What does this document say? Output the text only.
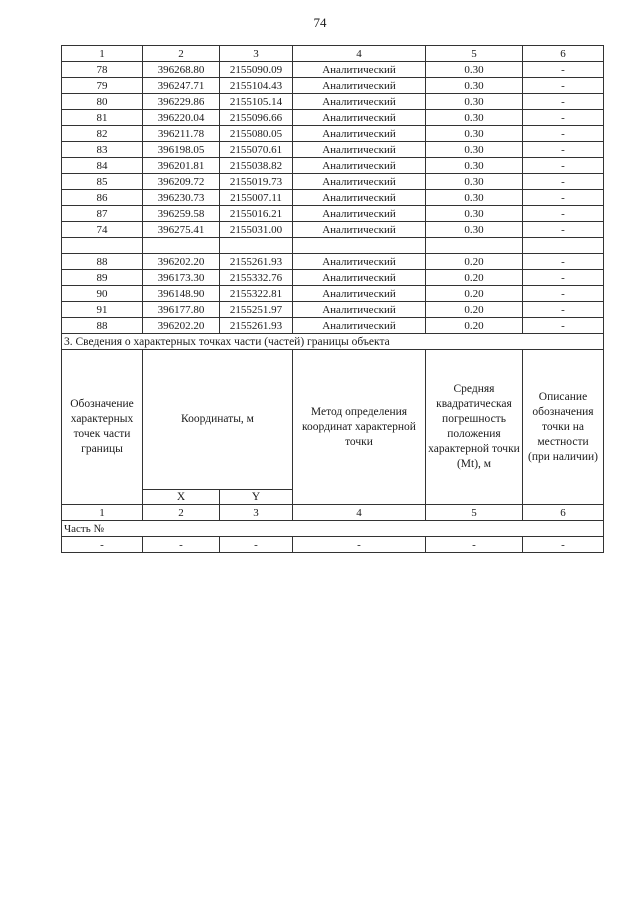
74
1	2	3	4	5	6
78	396268.80	2155090.09	Аналитический	0.30	-
79	396247.71	2155104.43	Аналитический	0.30	-
80	396229.86	2155105.14	Аналитический	0.30	-
81	396220.04	2155096.66	Аналитический	0.30	-
82	396211.78	2155080.05	Аналитический	0.30	-
83	396198.05	2155070.61	Аналитический	0.30	-
84	396201.81	2155038.82	Аналитический	0.30	-
85	396209.72	2155019.73	Аналитический	0.30	-
86	396230.73	2155007.11	Аналитический	0.30	-
87	396259.58	2155016.21	Аналитический	0.30	-
74	396275.41	2155031.00	Аналитический	0.30	-

88	396202.20	2155261.93	Аналитический	0.20	-
89	396173.30	2155332.76	Аналитический	0.20	-
90	396148.90	2155322.81	Аналитический	0.20	-
91	396177.80	2155251.97	Аналитический	0.20	-
88	396202.20	2155261.93	Аналитический	0.20	-
3. Сведения о характерных точках части (частей) границы объекта					
Обозначение характерных точек части границы	Координаты, м		Метод определения координат характерной точки	Средняя квадратическая погрешность положения характерной точки (Mt), м	Описание обозначения точки на местности (при наличии)
	X	Y			
1	2	3	4	5	6
Часть №					
-	-	-	-	-	-
